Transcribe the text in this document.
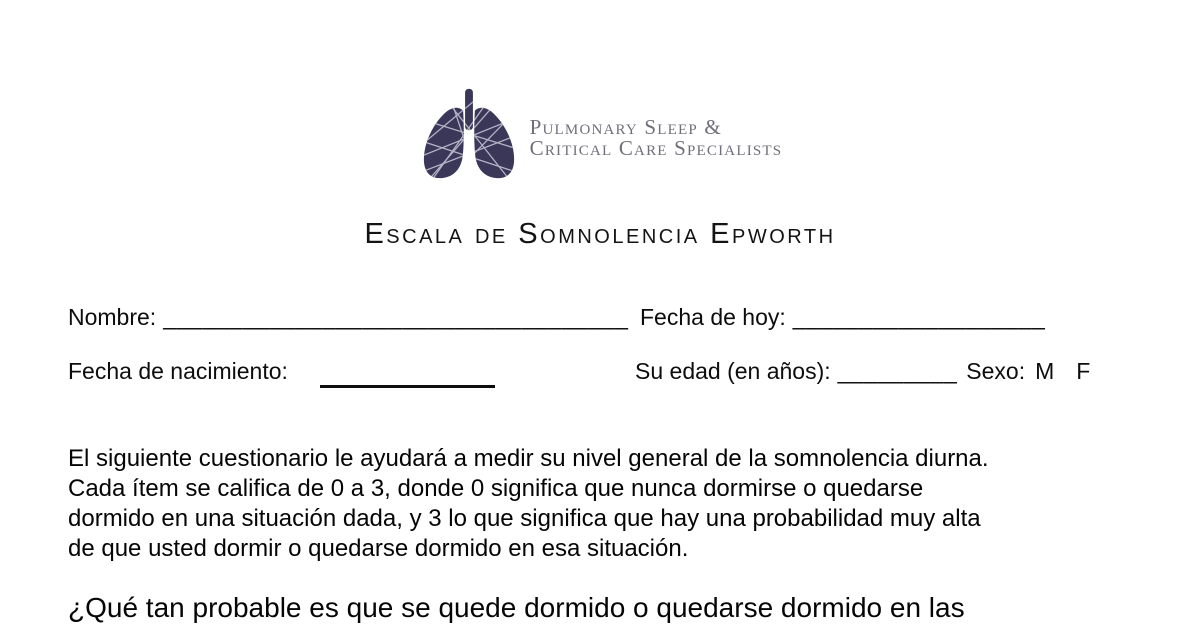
Pulmonary Sleep &
Critical Care Specialists
Escala de Somnolencia Epworth
Nombre: ___________________________________ Fecha de hoy: ___________________
Fecha de nacimiento:	Su edad (en años): _________ Sexo: M F
El siguiente cuestionario le ayudará a medir su nivel general de la somnolencia diurna.
Cada ítem se califica de 0 a 3, donde 0 significa que nunca dormirse o quedarse
dormido en una situación dada, y 3 lo que significa que hay una probabilidad muy alta
de que usted dormir o quedarse dormido en esa situación.
¿Qué tan probable es que se quede dormido o quedarse dormido en las
